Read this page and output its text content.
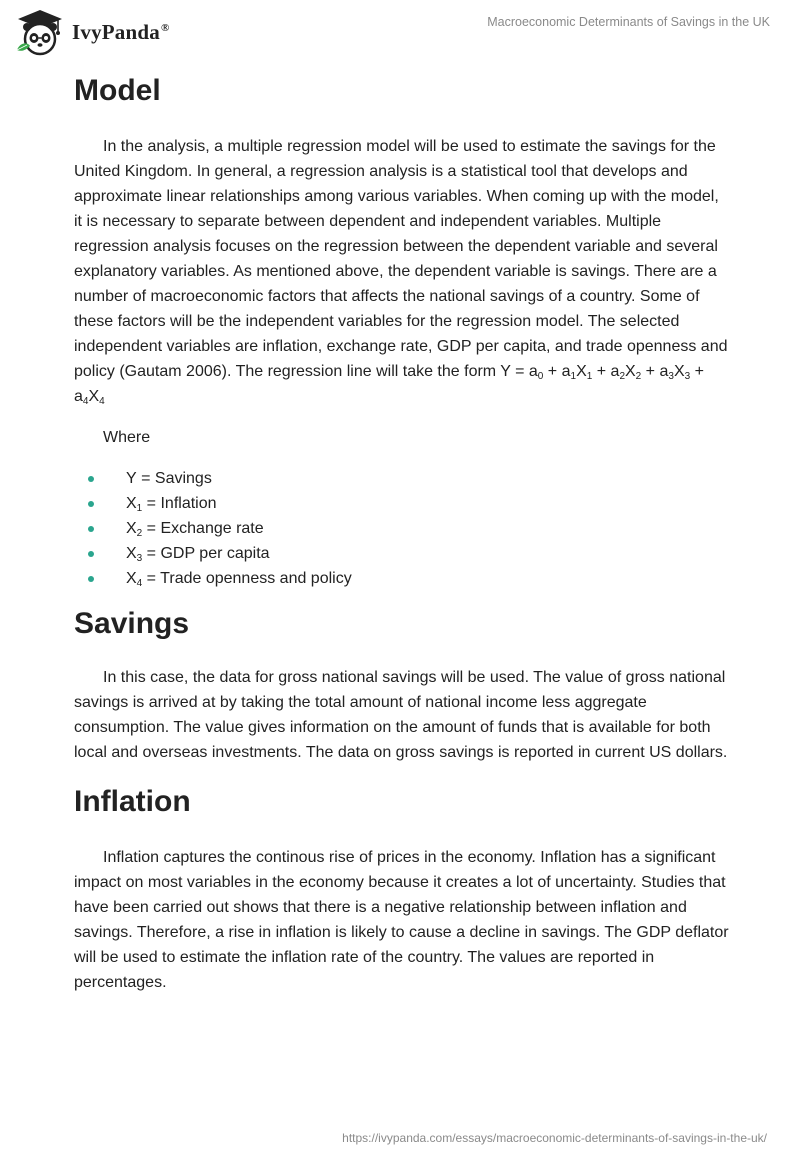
IvyPanda®	Macroeconomic Determinants of Savings in the UK
Model

In the analysis, a multiple regression model will be used to estimate the savings for the United Kingdom. In general, a regression analysis is a statistical tool that develops and approximate linear relationships among various variables. When coming up with the model, it is necessary to separate between dependent and independent variables. Multiple regression analysis focuses on the regression between the dependent variable and several explanatory variables. As mentioned above, the dependent variable is savings. There are a number of macroeconomic factors that affects the national savings of a country. Some of these factors will be the independent variables for the regression model. The selected independent variables are inflation, exchange rate, GDP per capita, and trade openness and policy (Gautam 2006). The regression line will take the form $Y = a_0 + a_1X_1 + a_2X_2 + a_3X_3 + a_4X_4$

Where

Y = Savings
$X_1$ = Inflation
$X_2$ = Exchange rate
$X_3$ = GDP per capita
$X_4$ = Trade openness and policy
Savings

In this case, the data for gross national savings will be used. The value of gross national savings is arrived at by taking the total amount of national income less aggregate consumption. The value gives information on the amount of funds that is available for both local and overseas investments. The data on gross savings is reported in current US dollars.

Inflation

Inflation captures the continous rise of prices in the economy. Inflation has a significant impact on most variables in the economy because it creates a lot of uncertainty. Studies that have been carried out shows that there is a negative relationship between inflation and savings. Therefore, a rise in inflation is likely to cause a decline in savings. The GDP deflator will be used to estimate the inflation rate of the country. The values are reported in percentages.

https://ivypanda.com/essays/macroeconomic-determinants-of-savings-in-the-uk/
